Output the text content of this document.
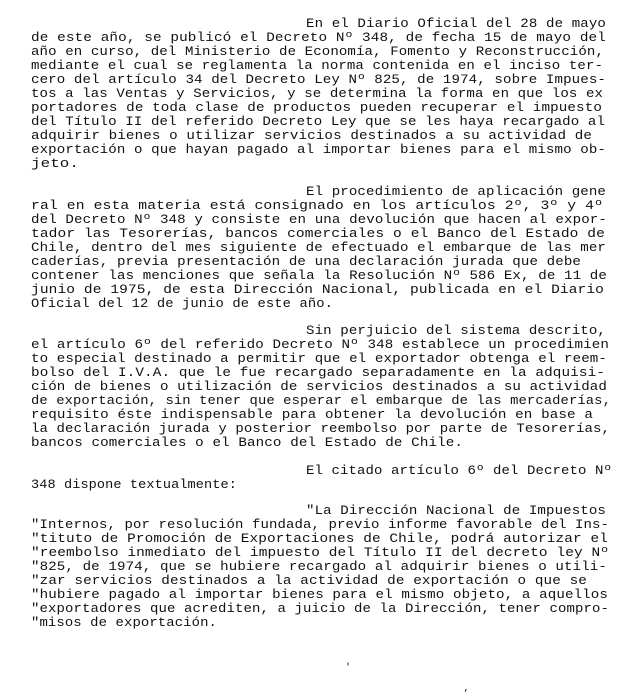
En el Diario Oficial del 28 de mayo
de este año, se publicó el Decreto Nº 348, de fecha 15 de mayo del
año en curso, del Ministerio de Economía, Fomento y Reconstrucción,
mediante el cual se reglamenta la norma contenida en el inciso ter-
cero del artículo 34 del Decreto Ley Nº 825, de 1974, sobre Impues-
tos a las Ventas y Servicios, y se determina la forma en que los ex
portadores de toda clase de productos pueden recuperar el impuesto
del Título II del referido Decreto Ley que se les haya recargado al
adquirir bienes o utilizar servicios destinados a su actividad de
exportación o que hayan pagado al importar bienes para el mismo ob-
jeto.
El procedimiento de aplicación gene
ral en esta materia está consignado en los artículos 2º, 3º y 4º
del Decreto Nº 348 y consiste en una devolución que hacen al expor-
tador las Tesorerías, bancos comerciales o el Banco del Estado de
Chile, dentro del mes siguiente de efectuado el embarque de las mer
caderías, previa presentación de una declaración jurada que debe
contener las menciones que señala la Resolución Nº 586 Ex, de 11 de
junio de 1975, de esta Dirección Nacional, publicada en el Diario
Oficial del 12 de junio de este año.
Sin perjuicio del sistema descrito,
el artículo 6º del referido Decreto Nº 348 establece un procedimien
to especial destinado a permitir que el exportador obtenga el reem-
bolso del I.V.A. que le fue recargado separadamente en la adquisi-
ción de bienes o utilización de servicios destinados a su actividad
de exportación, sin tener que esperar el embarque de las mercaderías,
requisito éste indispensable para obtener la devolución en base a
la declaración jurada y posterior reembolso por parte de Tesorerías,
bancos comerciales o el Banco del Estado de Chile.
El citado artículo 6º del Decreto Nº
348 dispone textualmente:
"La Dirección Nacional de Impuestos
"Internos, por resolución fundada, previo informe favorable del Ins-
"tituto de Promoción de Exportaciones de Chile, podrá autorizar el
"reembolso inmediato del impuesto del Título II del decreto ley Nº
"825, de 1974, que se hubiere recargado al adquirir bienes o utili-
"zar servicios destinados a la actividad de exportación o que se
"hubiere pagado al importar bienes para el mismo objeto, a aquellos
"exportadores que acrediten, a juicio de la Dirección, tener compro-
"misos de exportación.
'
‚
